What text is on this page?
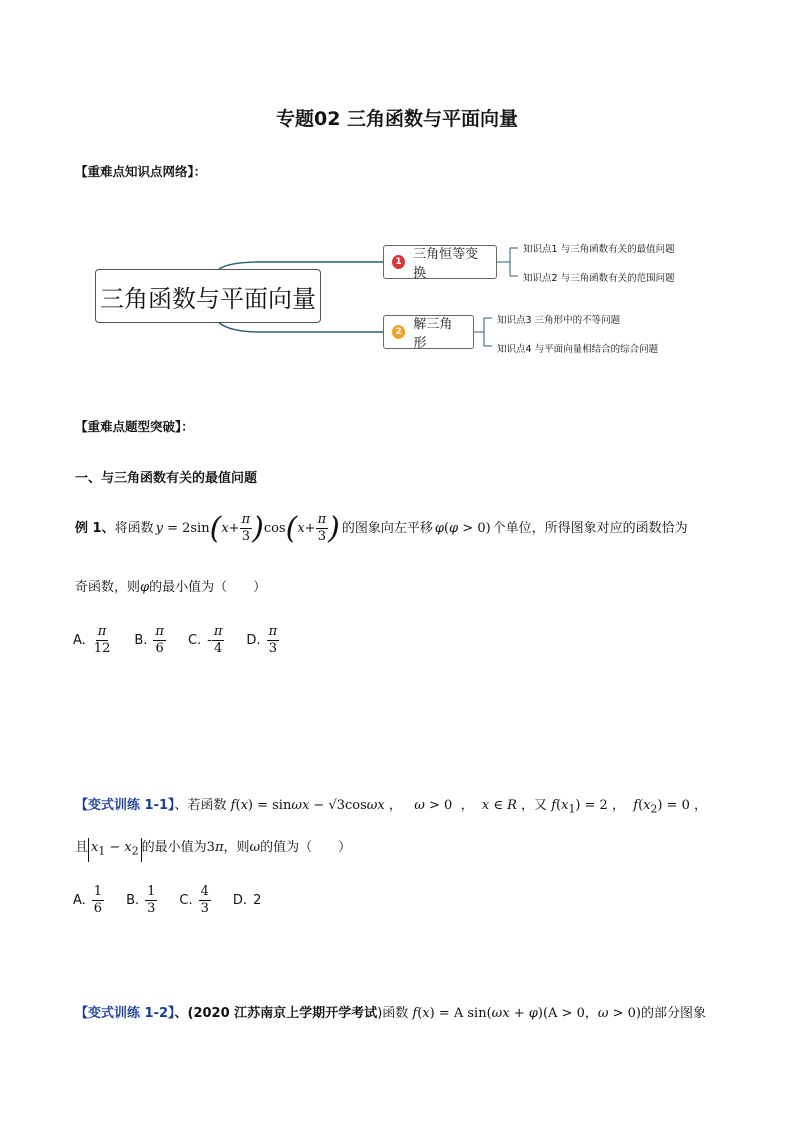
专题02 三角函数与平面向量
【重难点知识点网络】：
三角函数与平面向量
1 三角恒等变换
2 解三角形
知识点1 与三角函数有关的最值问题
知识点2 与三角函数有关的范围问题
知识点3 三角形中的不等问题
知识点4 与平面向量相结合的综合问题
【重难点题型突破】：
一、与三角函数有关的最值问题
例 1、 将函数 y = 2sin ( $x + \frac{\pi}{3}$ ) cos ( $x + \frac{\pi}{3}$ ) 的图象向左平移 φ(φ > 0) 个单位，所得图象对应的函数恰为
奇函数，则φ的最小值为（　　）
A. $\frac{\pi}{12} B$. $\frac{\pi}{6} C$. - $\frac{\pi}{4} D$. $\frac{\pi}{3}$
【变式训练 1-1】、若函数 f(x) = sinωx − √3cosωx ， ω > 0  ，  x ∈ R ，又 $f(x_1) = 2$ ， $f(x_2) = 0$ ，
且 $x_1 - x_2$ 的最小值为3π，则ω的值为（　　）
A. $\frac{1}{6} B$. $\frac{1}{3} C$. $\frac{4}{3} D$. 2
【变式训练 1-2】、(2020 江苏南京上学期开学考试)函数 f(x) = A sin(ωx + φ)(A > 0，ω > 0)的部分图象
